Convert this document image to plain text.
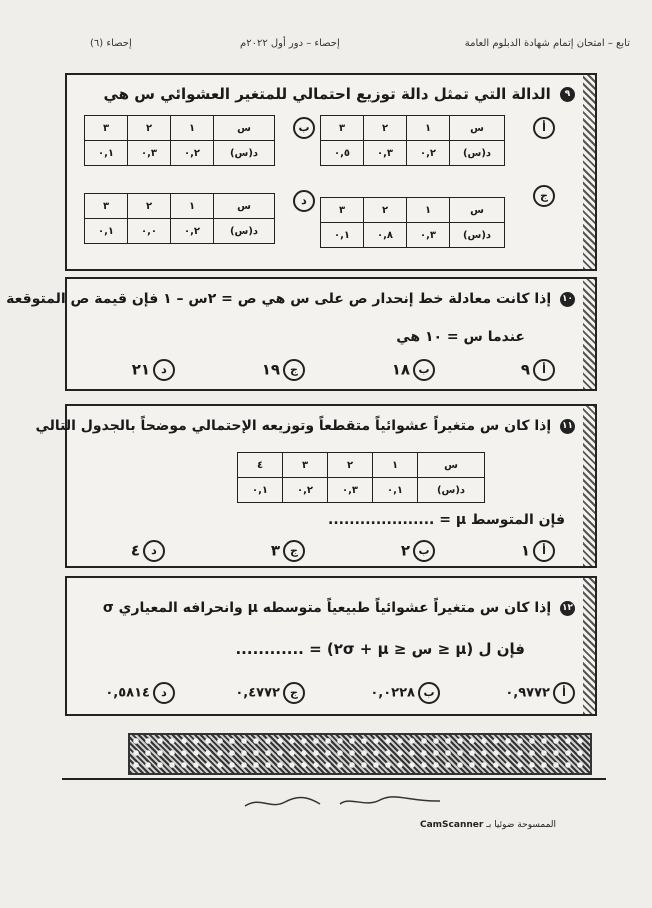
تابع – امتحان إتمام شهادة الدبلوم العامة
إحصاء – دور أول ٢٠٢٢م
(٦) إحصاء
٩ الدالة التي تمثل دالة توزيع احتمالي للمتغير العشوائي س هي
أ
س	١	٢	٣
د(س)	٠,٢	٠,٣	٠,٥
ب
س	١	٢	٣
د(س)	٠,٢	٠,٣	٠,١
ج
س	١	٢	٣
د(س)	٠,٣	٠,٨	٠,١
د
س	١	٢	٣
د(س)	٠,٢	٠,٠	٠,١
١٠ إذا كانت معادلة خط إنحدار ص على س هي ص = ٢س – ١ فإن قيمة ص المتوقعة
عندما س = ١٠ هي
أ٩
ب١٨
ج١٩
د٢١
١١ إذا كان س متغيراً عشوائياً متقطعاً وتوزيعه الإحتمالي موضحاً بالجدول التالي
س	١	٢	٣	٤
د(س)	٠,١	٠,٣	٠,٢	٠,١
فإن المتوسط μ = ....................
أ١
ب٢
ج٣
د٤
١٢ إذا كان س متغيراً عشوائياً طبيعياً متوسطه μ وانحرافه المعياري σ
فإن ل (μ ≤ س ≤ μ + ٢σ) = ............
أ٠,٩٧٧٢
ب٠,٠٢٢٨
ج٠,٤٧٧٢
د٠,٥٨١٤
الممسوحة ضوئيا بـ CamScanner
